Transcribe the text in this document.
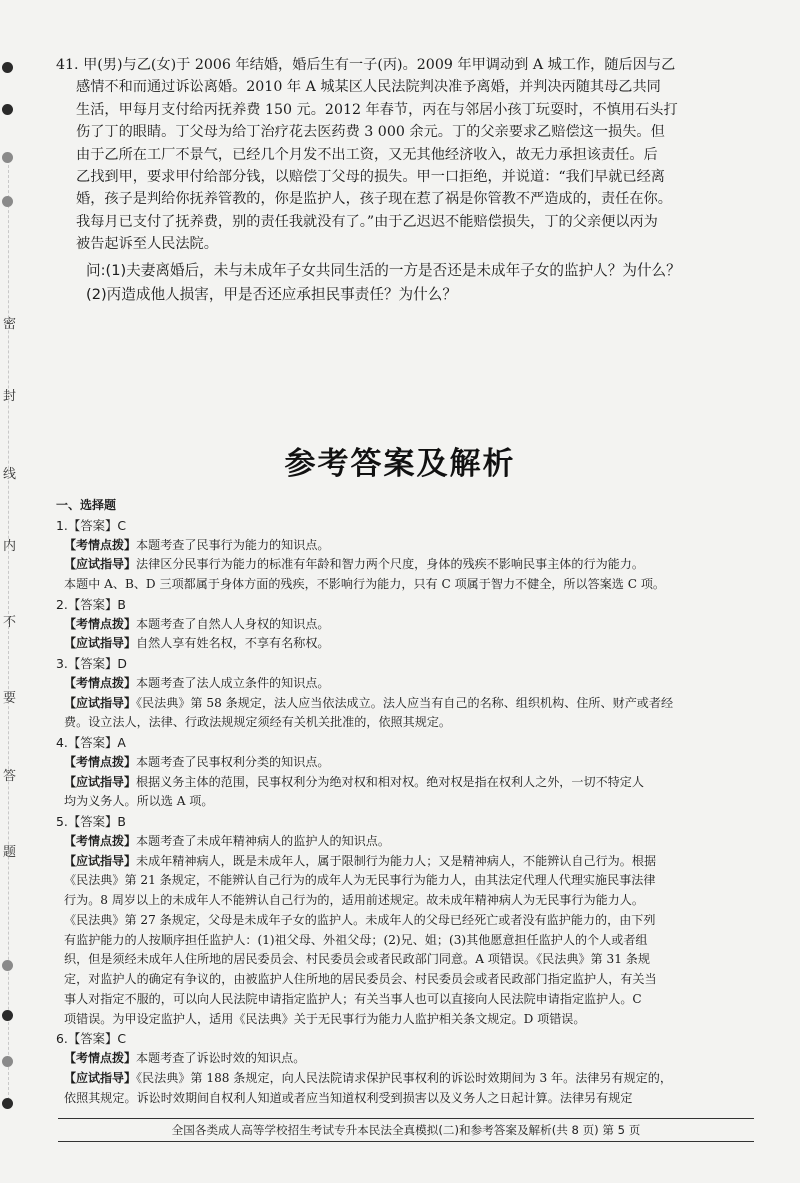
密
封
线
内
不
要
答
题
41. 甲(男)与乙(女)于 2006 年结婚，婚后生有一子(丙)。2009 年甲调动到 A 城工作，随后因与乙
感情不和而通过诉讼离婚。2010 年 A 城某区人民法院判决准予离婚，并判决丙随其母乙共同
生活，甲每月支付给丙抚养费 150 元。2012 年春节，丙在与邻居小孩丁玩耍时，不慎用石头打
伤了丁的眼睛。丁父母为给丁治疗花去医药费 3 000 余元。丁的父亲要求乙赔偿这一损失。但
由于乙所在工厂不景气，已经几个月发不出工资，又无其他经济收入，故无力承担该责任。后
乙找到甲，要求甲付给部分钱，以赔偿丁父母的损失。甲一口拒绝，并说道：“我们早就已经离
婚，孩子是判给你抚养管教的，你是监护人，孩子现在惹了祸是你管教不严造成的，责任在你。
我每月已支付了抚养费，别的责任我就没有了。”由于乙迟迟不能赔偿损失，丁的父亲便以丙为
被告起诉至人民法院。
问:(1)夫妻离婚后，未与未成年子女共同生活的一方是否还是未成年子女的监护人？为什么？
(2)丙造成他人损害，甲是否还应承担民事责任？为什么？
参考答案及解析
一、选择题
1.【答案】C
【考情点拨】本题考查了民事行为能力的知识点。
【应试指导】法律区分民事行为能力的标准有年龄和智力两个尺度，身体的残疾不影响民事主体的行为能力。
本题中 A、B、D 三项都属于身体方面的残疾，不影响行为能力，只有 C 项属于智力不健全，所以答案选 C 项。
2.【答案】B
【考情点拨】本题考查了自然人人身权的知识点。
【应试指导】自然人享有姓名权，不享有名称权。
3.【答案】D
【考情点拨】本题考查了法人成立条件的知识点。
【应试指导】《民法典》第 58 条规定，法人应当依法成立。法人应当有自己的名称、组织机构、住所、财产或者经
费。设立法人，法律、行政法规规定须经有关机关批准的，依照其规定。
4.【答案】A
【考情点拨】本题考查了民事权利分类的知识点。
【应试指导】根据义务主体的范围，民事权利分为绝对权和相对权。绝对权是指在权利人之外，一切不特定人
均为义务人。所以选 A 项。
5.【答案】B
【考情点拨】本题考查了未成年精神病人的监护人的知识点。
【应试指导】未成年精神病人，既是未成年人，属于限制行为能力人；又是精神病人，不能辨认自己行为。根据
《民法典》第 21 条规定，不能辨认自己行为的成年人为无民事行为能力人，由其法定代理人代理实施民事法律
行为。8 周岁以上的未成年人不能辨认自己行为的，适用前述规定。故未成年精神病人为无民事行为能力人。
《民法典》第 27 条规定，父母是未成年子女的监护人。未成年人的父母已经死亡或者没有监护能力的，由下列
有监护能力的人按顺序担任监护人：(1)祖父母、外祖父母；(2)兄、姐；(3)其他愿意担任监护人的个人或者组
织，但是须经未成年人住所地的居民委员会、村民委员会或者民政部门同意。A 项错误。《民法典》第 31 条规
定，对监护人的确定有争议的，由被监护人住所地的居民委员会、村民委员会或者民政部门指定监护人，有关当
事人对指定不服的，可以向人民法院申请指定监护人；有关当事人也可以直接向人民法院申请指定监护人。C
项错误。为甲设定监护人，适用《民法典》关于无民事行为能力人监护相关条文规定。D 项错误。
6.【答案】C
【考情点拨】本题考查了诉讼时效的知识点。
【应试指导】《民法典》第 188 条规定，向人民法院请求保护民事权利的诉讼时效期间为 3 年。法律另有规定的，
依照其规定。诉讼时效期间自权利人知道或者应当知道权利受到损害以及义务人之日起计算。法律另有规定
全国各类成人高等学校招生考试专升本民法全真模拟(二)和参考答案及解析(共 8 页) 第 5 页
